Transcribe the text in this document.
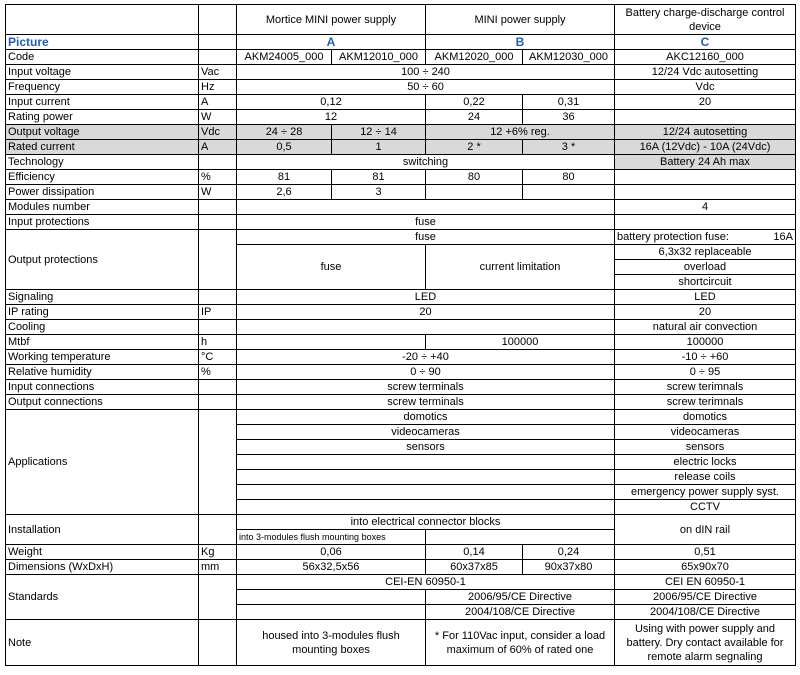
		Mortice MINI power supply		MINI power supply		Battery charge-discharge control device
Picture		A		B		C
Code		AKM24005_000	AKM12010_000	AKM12020_000	AKM12030_000	AKC12160_000
Input voltage	Vac	100 ÷ 240				12/24 Vdc autosetting
Frequency	Hz	50 ÷ 60				Vdc
Input current	A	0,12		0,22	0,31	20
Rating power	W	12		24	36	
Output voltage	Vdc	24 ÷ 28	12 ÷ 14	12 +6% reg.		12/24 autosetting
Rated current	A	0,5	1	2 *	3 *	16A (12Vdc) - 10A (24Vdc)
Technology		switching				Battery 24 Ah max
Efficiency	%	81	81	80	80	
Power dissipation	W	2,6	3			
Modules number						4
Input protections		fuse				
Output protections		fuse				battery protection fuse: 16A

		fuse		current limitation		6,3x32 replaceable
						overload
						shortcircuit
Signaling		LED				LED
IP rating	IP	20				20
Cooling						natural air convection
Mtbf	h			100000		100000
Working temperature	°C	-20 ÷ +40				-10 ÷ +60
Relative humidity	%	0 ÷ 90				0 ÷ 95
Input connections		screw terminals				screw terimnals
Output connections		screw terminals				screw terimnals
Applications		domotics				domotics
		videocameras				videocameras
		sensors				sensors
						electric locks
						release coils
						emergency power supply syst.
						CCTV
Installation		into electrical connector blocks				on dIN rail
		into 3-modules flush mounting boxes				
Weight	Kg	0,06		0,14	0,24	0,51
Dimensions (WxDxH)	mm	56x32,5x56		60x37x85	90x37x80	65x90x70
Standards		CEI-EN 60950-1				CEI EN 60950-1
				2006/95/CE Directive		2006/95/CE Directive
				2004/108/CE Directive		2004/108/CE Directive
Note		housed into 3-modules flush mounting boxes		* For 110Vac input, consider a load maximum of 60% of rated one		Using with power supply and battery. Dry contact available for remote alarm segnaling
